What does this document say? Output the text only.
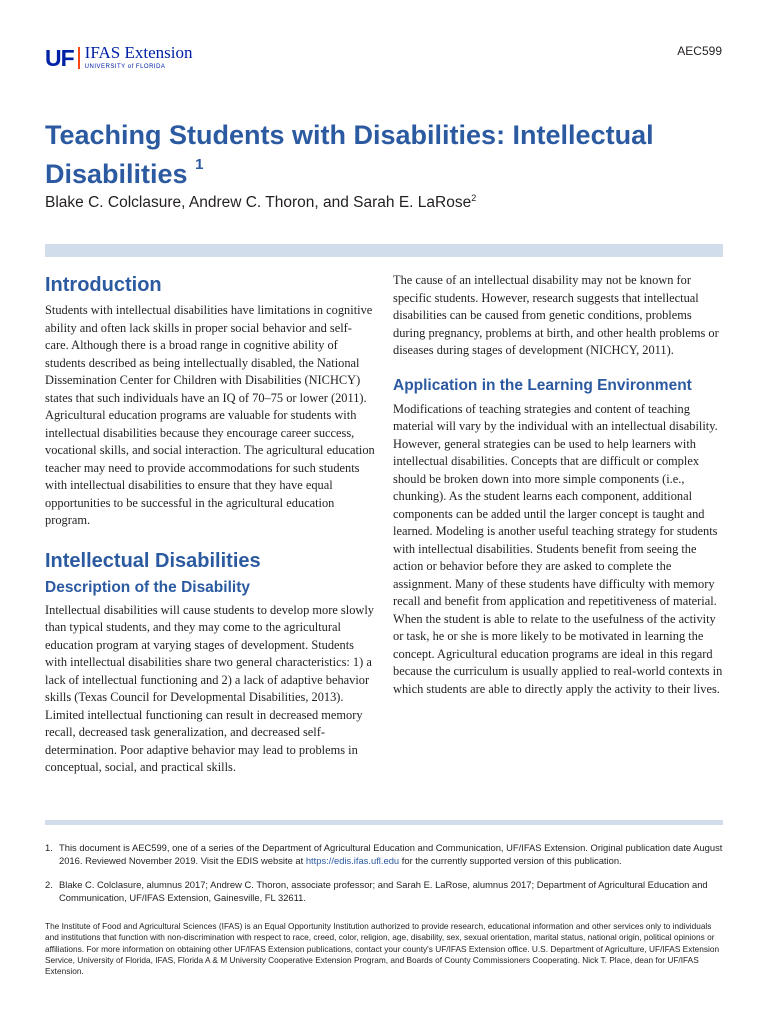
UF IFAS Extension
UNIVERSITY of FLORIDA
AEC599
Teaching Students with Disabilities: Intellectual Disabilities $^1$
Blake C. Colclasure, Andrew C. Thoron, and Sarah E. LaRose$^2$
Introduction

Students with intellectual disabilities have limitations in cognitive ability and often lack skills in proper social behavior and self-care. Although there is a broad range in cognitive ability of students described as being intellectually disabled, the National Dissemination Center for Children with Disabilities (NICHCY) states that such individuals have an IQ of 70–75 or lower (2011). Agricultural education programs are valuable for students with intellectual disabilities because they encourage career success, vocational skills, and social interaction. The agricultural education teacher may need to provide accommodations for such students with intellectual disabilities to ensure that they have equal opportunities to be successful in the agricultural education program.

Intellectual Disabilities
Description of the Disability

Intellectual disabilities will cause students to develop more slowly than typical students, and they may come to the agricultural education program at varying stages of development. Students with intellectual disabilities share two general characteristics: 1) a lack of intellectual functioning and 2) a lack of adaptive behavior skills (Texas Council for Developmental Disabilities, 2013). Limited intellectual functioning can result in decreased memory recall, decreased task generalization, and decreased self-determination. Poor adaptive behavior may lead to problems in conceptual, social, and practical skills.

The cause of an intellectual disability may not be known for specific students. However, research suggests that intellectual disabilities can be caused from genetic conditions, problems during pregnancy, problems at birth, and other health problems or diseases during stages of development (NICHCY, 2011).

Application in the Learning Environment

Modifications of teaching strategies and content of teaching material will vary by the individual with an intellectual disability. However, general strategies can be used to help learners with intellectual disabilities. Concepts that are difficult or complex should be broken down into more simple components (i.e., chunking). As the student learns each component, additional components can be added until the larger concept is taught and learned. Modeling is another useful teaching strategy for students with intellectual disabilities. Students benefit from seeing the action or behavior before they are asked to complete the assignment. Many of these students have difficulty with memory recall and benefit from application and repetitiveness of material. When the student is able to relate to the usefulness of the activity or task, he or she is more likely to be motivated in learning the concept. Agricultural education programs are ideal in this regard because the curriculum is usually applied to real-world contexts in which students are able to directly apply the activity to their lives.

1. This document is AEC599, one of a series of the Department of Agricultural Education and Communication, UF/IFAS Extension. Original publication date August 2016. Reviewed November 2019. Visit the EDIS website at https://edis.ifas.ufl.edu for the currently supported version of this publication.
2. Blake C. Colclasure, alumnus 2017; Andrew C. Thoron, associate professor; and Sarah E. LaRose, alumnus 2017; Department of Agricultural Education and Communication, UF/IFAS Extension, Gainesville, FL 32611.
The Institute of Food and Agricultural Sciences (IFAS) is an Equal Opportunity Institution authorized to provide research, educational information and other services only to individuals and institutions that function with non-discrimination with respect to race, creed, color, religion, age, disability, sex, sexual orientation, marital status, national origin, political opinions or affiliations. For more information on obtaining other UF/IFAS Extension publications, contact your county's UF/IFAS Extension office. U.S. Department of Agriculture, UF/IFAS Extension Service, University of Florida, IFAS, Florida A & M University Cooperative Extension Program, and Boards of County Commissioners Cooperating. Nick T. Place, dean for UF/IFAS Extension.
